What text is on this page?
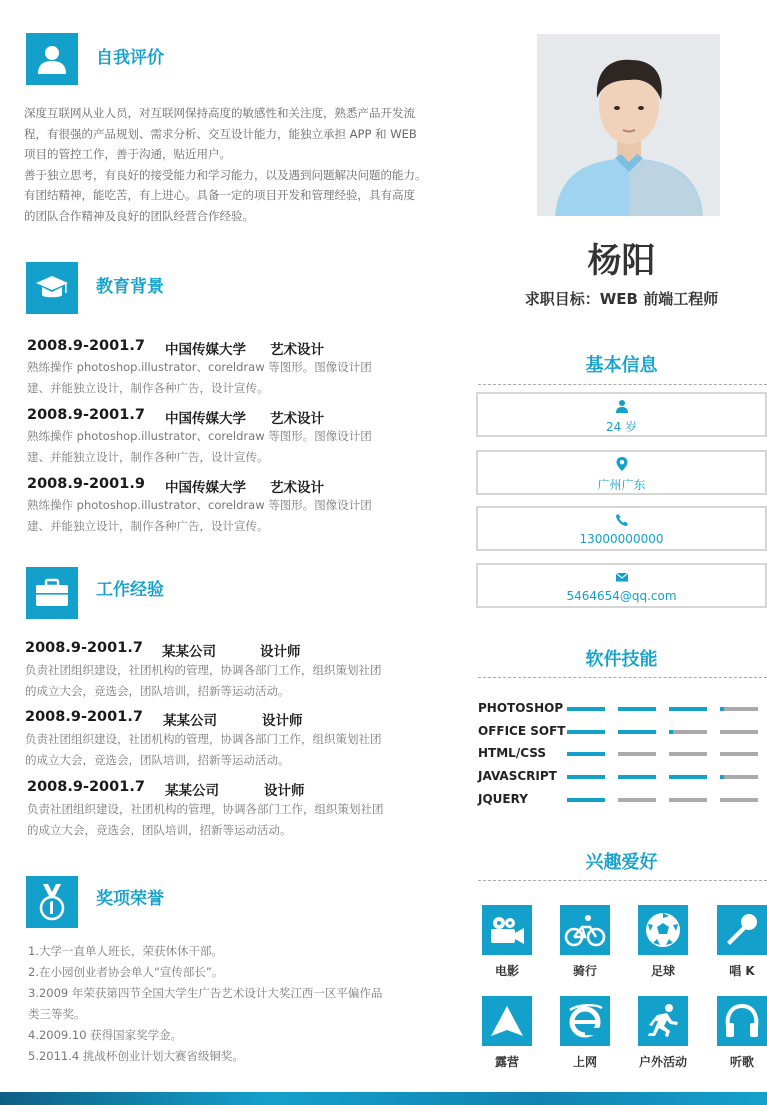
自我评价
深度互联网从业人员，对互联网保持高度的敏感性和关注度，熟悉产品开发流
程，有很强的产品规划、需求分析、交互设计能力，能独立承担 APP 和 WEB
项目的管控工作，善于沟通，贴近用户。
善于独立思考，有良好的接受能力和学习能力，以及遇到问题解决问题的能力。
有团结精神，能吃苦，有上进心。具备一定的项目开发和管理经验，具有高度
的团队合作精神及良好的团队经营合作经验。
教育背景
2008.9-2001.7 中国传媒大学 艺术设计
熟练操作 photoshop.illustrator、coreldraw 等图形。图像设计团
建、并能独立设计，制作各种广告，设计宣传。
2008.9-2001.7 中国传媒大学 艺术设计
熟练操作 photoshop.illustrator、coreldraw 等图形。图像设计团
建、并能独立设计，制作各种广告，设计宣传。
2008.9-2001.9 中国传媒大学 艺术设计
熟练操作 photoshop.illustrator、coreldraw 等图形。图像设计团
建、并能独立设计，制作各种广告，设计宣传。
工作经验
2008.9-2001.7 某某公司	设计师
负责社团组织建设，社团机构的管理，协调各部门工作，组织策划社团
的成立大会，竞选会，团队培训，招新等运动活动。
2008.9-2001.7 某某公司	设计师
负责社团组织建设，社团机构的管理，协调各部门工作，组织策划社团
的成立大会，竞选会，团队培训，招新等运动活动。
2008.9-2001.7 某某公司	设计师
负责社团组织建设，社团机构的管理，协调各部门工作，组织策划社团
的成立大会，竞选会，团队培训，招新等运动活动。
奖项荣誉
1.大学一直单人班长，荣获休休干部。
2.在小园创业者协会单人“宣传部长”。
3.2009 年荣获第四节全国大学生广告艺术设计大奖江西一区平偏作品
类三等奖。
4.2009.10 获得国家奖学金。
5.2011.4 挑战杯创业计划大赛省级铜奖。
杨阳
求职目标：WEB 前端工程师
基本信息
24 岁
广州广东
13000000000
5464654@qq.com
软件技能
PHOTOSHOP
OFFICE SOFT
HTML/CSS
JAVASCRIPT
JQUERY
兴趣爱好
电影	骑行	足球	唱 K
露营	上网	户外活动	听歌
